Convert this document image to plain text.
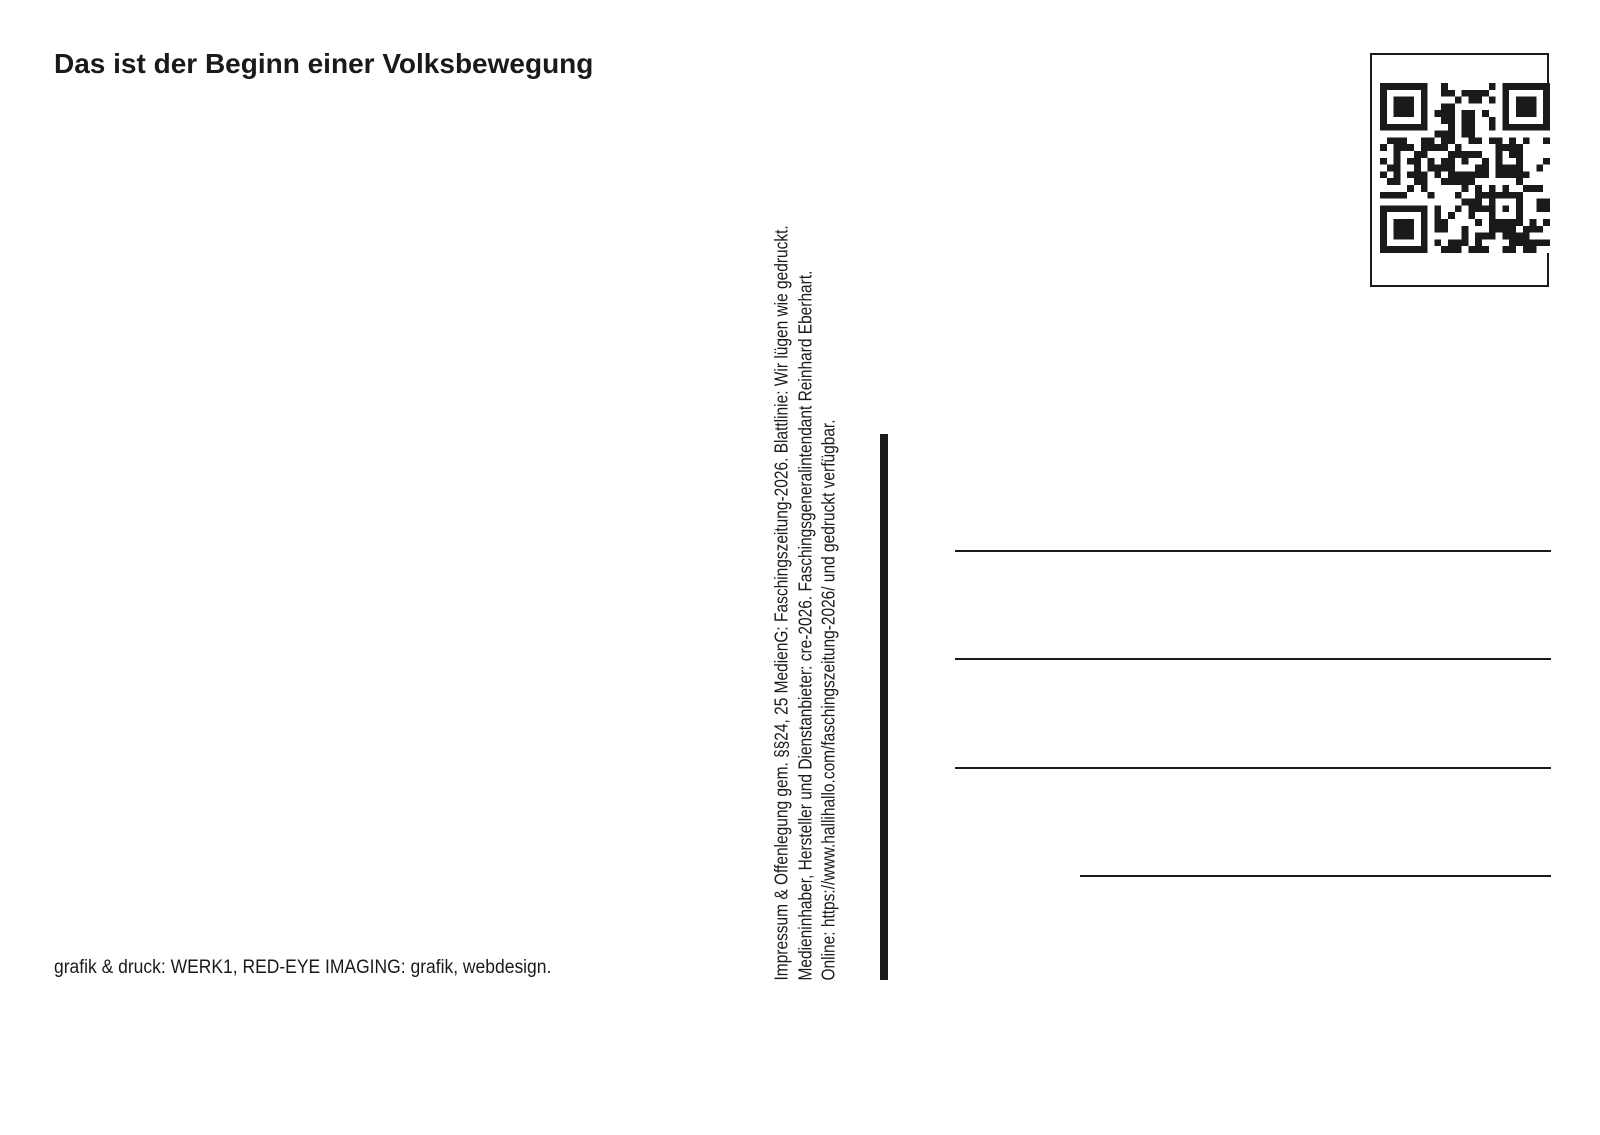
Das ist der Beginn einer Volksbewegung
grafik & druck: WERK1, RED-EYE IMAGING: grafik, webdesign.	Impressum & Offenlegung gem. §§24, 25 MedienG: Faschingszeitung-2026. Blattlinie: Wir lügen wie gedruckt. Medieninhaber, Hersteller und Dienstanbieter: cre-2026. Faschingsgeneralintendant Reinhard Eberhart. Online: https://www.hallihallo.com/faschingszeitung-2026/ und gedruckt verfügbar.
